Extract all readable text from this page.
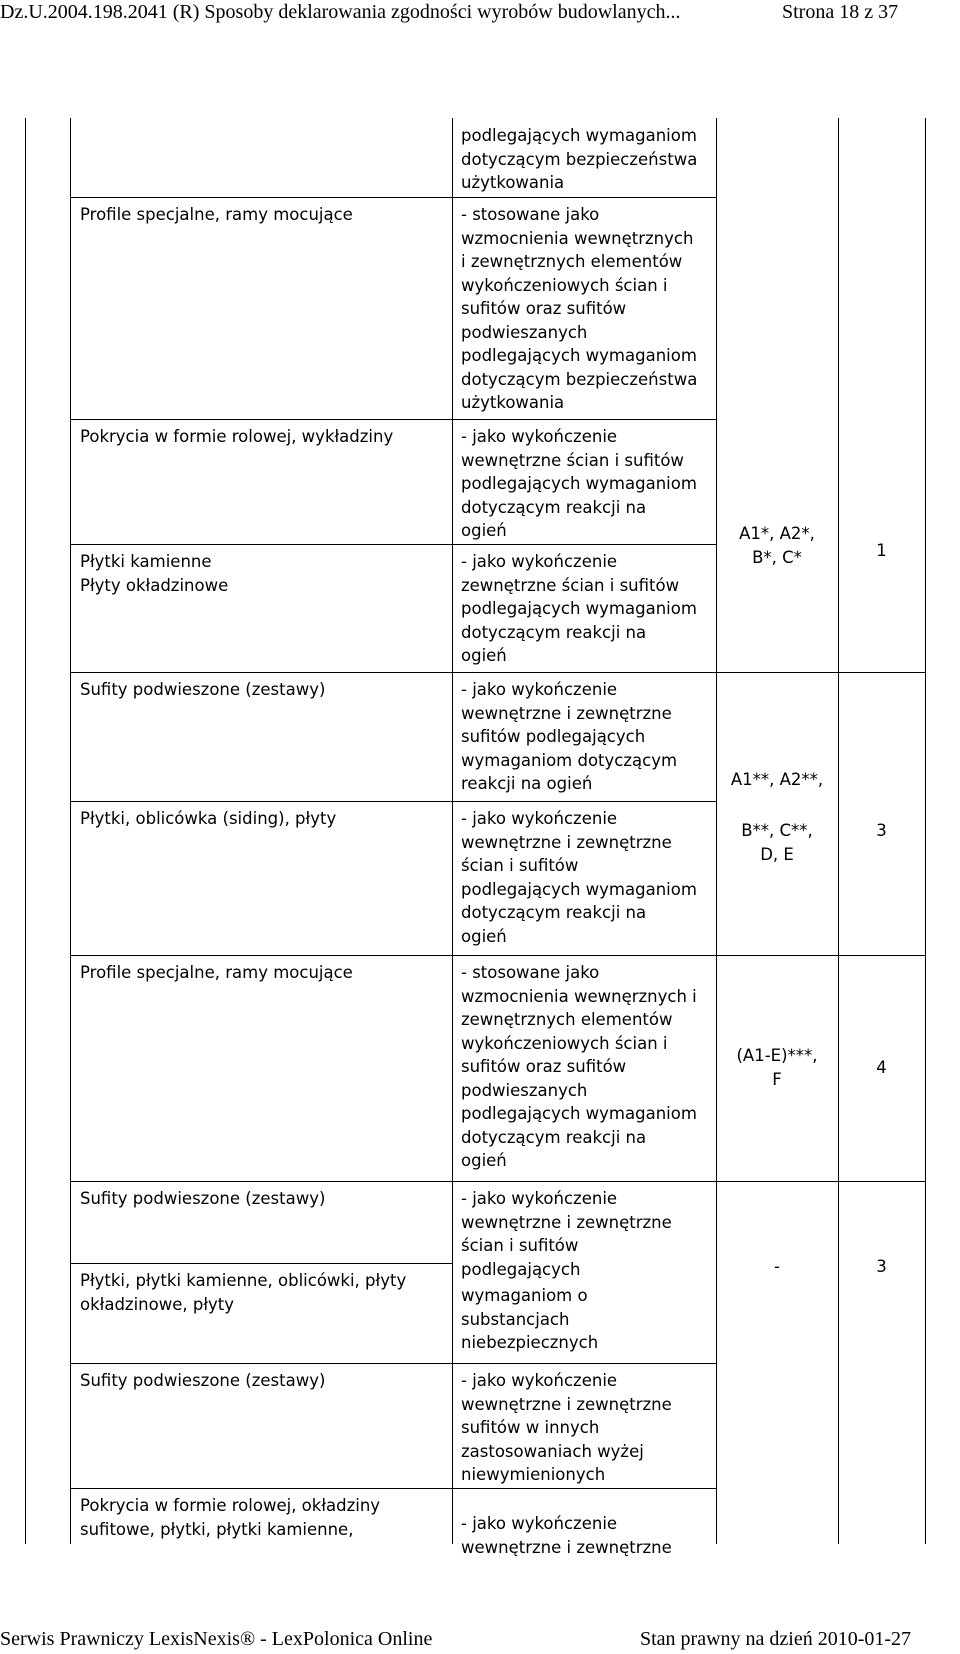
Dz.U.2004.198.2041 (R) Sposoby deklarowania zgodności wyrobów budowlanych...	Strona 18 z 37

Profile specjalne, ramy mocujące

Pokrycia w formie rolowej, wykładziny

Płytki kamienne
Płyty okładzinowe

Sufity podwieszone (zestawy)

Płytki, oblicówka (siding), płyty

Profile specjalne, ramy mocujące

Sufity podwieszone (zestawy)

Płytki, płytki kamienne, oblicówki, płyty
okładzinowe, płyty

Sufity podwieszone (zestawy)

Pokrycia w formie rolowej, okładziny
sufitowe, płytki, płytki kamienne,

podlegających wymaganiom
dotyczącym bezpieczeństwa
użytkowania

- stosowane jako
wzmocnienia wewnętrznych
i zewnętrznych elementów
wykończeniowych ścian i
sufitów oraz sufitów
podwieszanych
podlegających wymaganiom
dotyczącym bezpieczeństwa
użytkowania

- jako wykończenie
wewnętrzne ścian i sufitów
podlegających wymaganiom
dotyczącym reakcji na
ogień

- jako wykończenie
zewnętrzne ścian i sufitów
podlegających wymaganiom
dotyczącym reakcji na
ogień

- jako wykończenie
wewnętrzne i zewnętrzne
sufitów podlegających
wymaganiom dotyczącym
reakcji na ogień

- jako wykończenie
wewnętrzne i zewnętrzne
ścian i sufitów
podlegających wymaganiom
dotyczącym reakcji na
ogień

- stosowane jako
wzmocnienia wewnęrznych i
zewnętrznych elementów
wykończeniowych ścian i
sufitów oraz sufitów
podwieszanych
podlegających wymaganiom
dotyczącym reakcji na
ogień

- jako wykończenie
wewnętrzne i zewnętrzne
ścian i sufitów
podlegających

wymaganiom o
substancjach
niebezpiecznych

- jako wykończenie
wewnętrzne i zewnętrzne
sufitów w innych
zastosowaniach wyżej
niewymienionych

- jako wykończenie
wewnętrzne i zewnętrzne

A1*, A2*,
B*, C*

A1**, A2**,

B**, C**,
D, E

(A1-E)***,
F

-

1

3

4

3

Serwis Prawniczy LexisNexis® - LexPolonica Online	Stan prawny na dzień 2010-01-27
